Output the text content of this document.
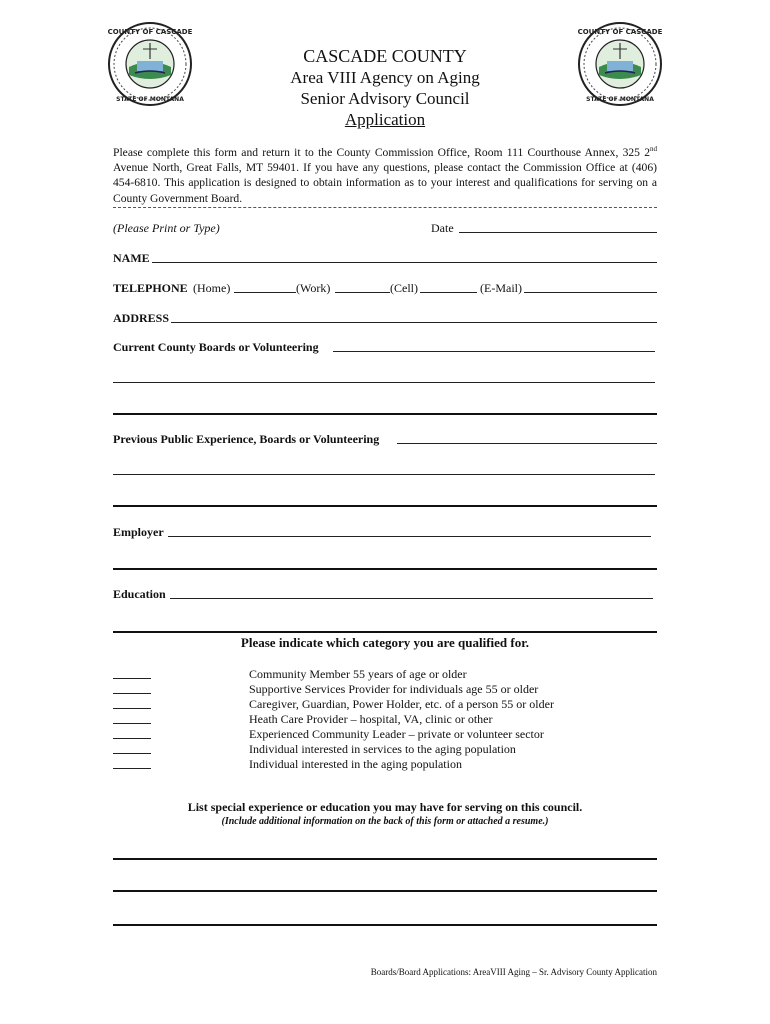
COUNTY OF CASCADE
STATE OF MONTANA
COUNTY OF CASCADE
STATE OF MONTANA
CASCADE COUNTY
Area VIII Agency on Aging
Senior Advisory Council
Application
Please complete this form and return it to the County Commission Office, Room 111 Courthouse Annex, 325 2nd Avenue North, Great Falls, MT 59401. If you have any questions, please contact the Commission Office at (406) 454-6810. This application is designed to obtain information as to your interest and qualifications for serving on a County Government Board.
(Please Print or Type)	Date
NAME
TELEPHONE (Home)	(Work)	(Cell)	(E-Mail)
ADDRESS
Current County Boards or Volunteering
Previous Public Experience, Boards or Volunteering
Employer
Education
Please indicate which category you are qualified for.
Community Member 55 years of age or older
Supportive Services Provider for individuals age 55 or older
Caregiver, Guardian, Power Holder, etc. of a person 55 or older
Heath Care Provider – hospital, VA, clinic or other
Experienced Community Leader – private or volunteer sector
Individual interested in services to the aging population
Individual interested in the aging population
List special experience or education you may have for serving on this council.
(Include additional information on the back of this form or attached a resume.)
Boards/Board Applications: AreaVIII Aging – Sr. Advisory County Application
